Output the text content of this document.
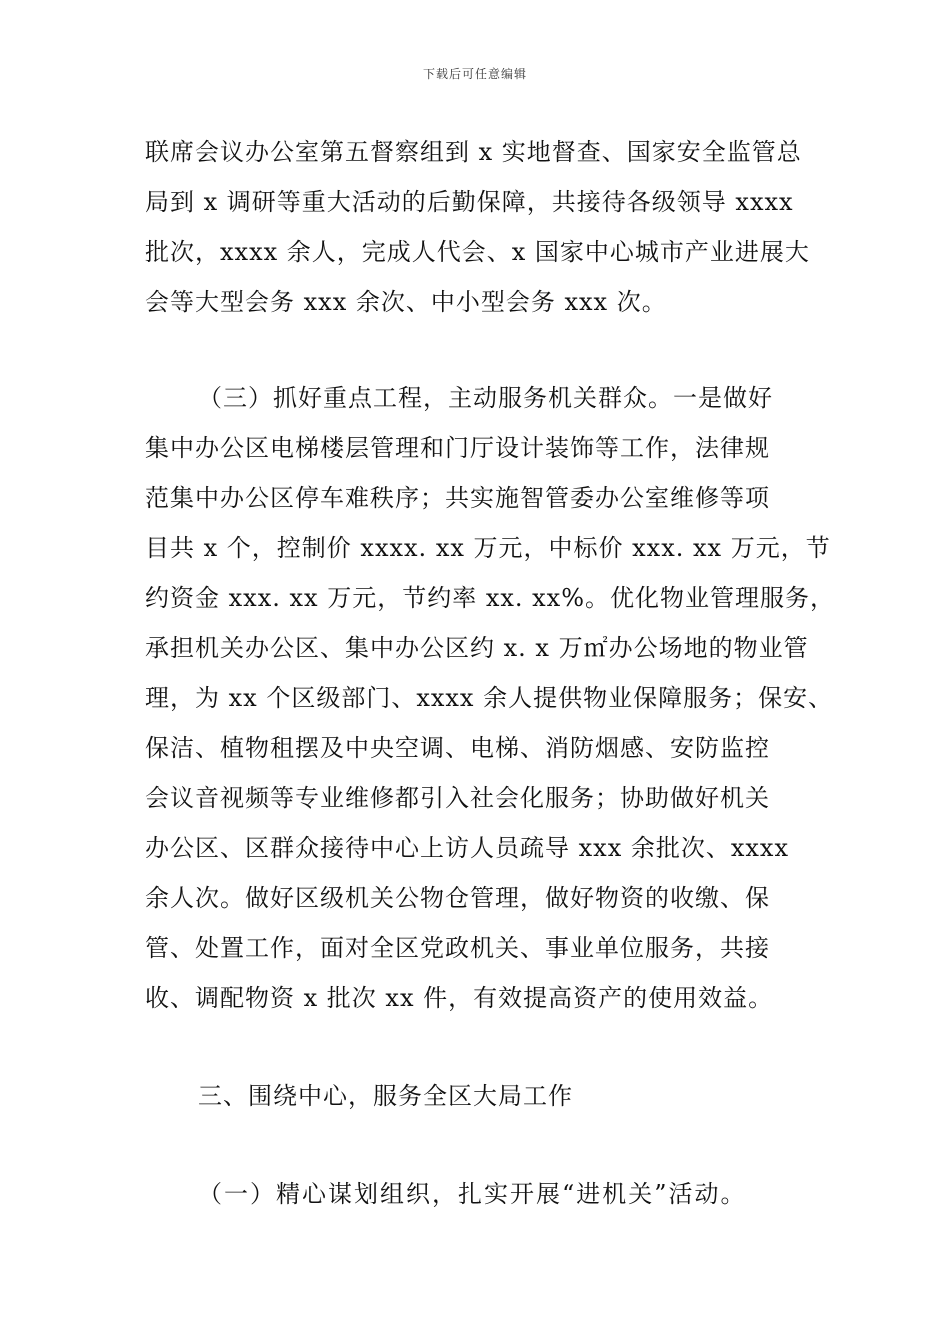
下载后可任意编辑
联席会议办公室第五督察组到 x 实地督查、国家安全监管总
局到 x 调研等重大活动的后勤保障，共接待各级领导 xxxx
批次，xxxx 余人，完成人代会、x 国家中心城市产业进展大
会等大型会务 xxx 余次、中小型会务 xxx 次。
（三）抓好重点工程，主动服务机关群众。一是做好
集中办公区电梯楼层管理和门厅设计装饰等工作，法律规
范集中办公区停车难秩序；共实施智管委办公室维修等项
目共 x 个，控制价 xxxx. xx 万元，中标价 xxx. xx 万元，节
约资金 xxx. xx 万元，节约率 xx. xx%。优化物业管理服务，
承担机关办公区、集中办公区约 x. x 万㎡办公场地的物业管
理，为 xx 个区级部门、xxxx 余人提供物业保障服务；保安、
保洁、植物租摆及中央空调、电梯、消防烟感、安防监控
会议音视频等专业维修都引入社会化服务；协助做好机关
办公区、区群众接待中心上访人员疏导 xxx 余批次、xxxx
余人次。做好区级机关公物仓管理，做好物资的收缴、保
管、处置工作，面对全区党政机关、事业单位服务，共接
收、调配物资 x 批次 xx 件，有效提高资产的使用效益。
三、围绕中心，服务全区大局工作
（一）精心谋划组织，扎实开展“进机关”活动。
